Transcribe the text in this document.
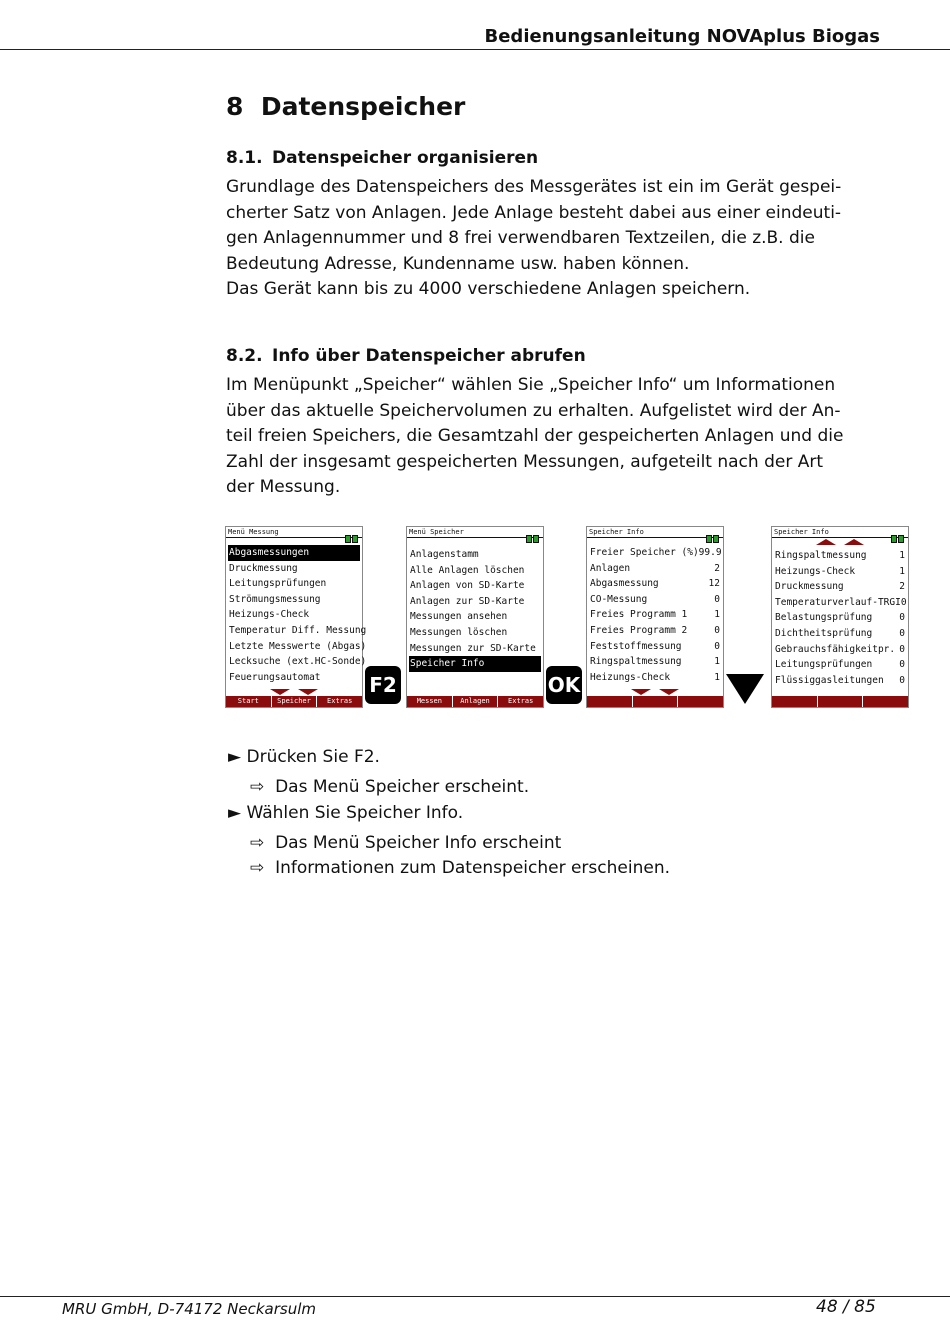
Bedienungsanleitung NOVAplus Biogas
8 Datenspeicher
8.1. Datenspeicher organisieren
Grundlage des Datenspeichers des Messgerätes ist ein im Gerät gespei-
cherter Satz von Anlagen. Jede Anlage besteht dabei aus einer eindeuti-
gen Anlagennummer und 8 frei verwendbaren Textzeilen, die z.B. die
Bedeutung Adresse, Kundenname usw. haben können.
Das Gerät kann bis zu 4000 verschiedene Anlagen speichern.
8.2. Info über Datenspeicher abrufen
Im Menüpunkt „Speicher“ wählen Sie „Speicher Info“ um Informationen
über das aktuelle Speichervolumen zu erhalten. Aufgelistet wird der An-
teil freien Speichers, die Gesamtzahl der gespeicherten Anlagen und die
Zahl der insgesamt gespeicherten Messungen, aufgeteilt nach der Art
der Messung.
Menü Messung
Abgasmessungen
Druckmessung
Leitungsprüfungen
Strömungsmessung
Heizungs-Check
Temperatur Diff. Messung
Letzte Messwerte (Abgas)
Lecksuche (ext.HC-Sonde)
Feuerungsautomat
Start	Speicher	Extras
F2
Menü Speicher
Anlagenstamm
Alle Anlagen löschen
Anlagen von SD-Karte
Anlagen zur SD-Karte
Messungen ansehen
Messungen löschen
Messungen zur SD-Karte
Speicher Info
Messen	Anlagen	Extras
OK
Speicher Info
Freier Speicher (%) 99.9
Anlagen	2
Abgasmessung	12
CO-Messung	0
Freies Programm 1	1
Freies Programm 2	0
Feststoffmessung	0
Ringspaltmessung	1
Heizungs-Check	1
Speicher Info
Ringspaltmessung	1
Heizungs-Check	1
Druckmessung	2
Temperaturverlauf-TRGI 0
Belastungsprüfung	0
Dichtheitsprüfung	0
Gebrauchsfähigkeitpr. 0
Leitungsprüfungen	0
Flüssiggasleitungen 0
► Drücken Sie F2.
⇨ Das Menü Speicher erscheint.
► Wählen Sie Speicher Info.
⇨ Das Menü Speicher Info erscheint
⇨ Informationen zum Datenspeicher erscheinen.
MRU GmbH, D-74172 Neckarsulm	48 / 85
